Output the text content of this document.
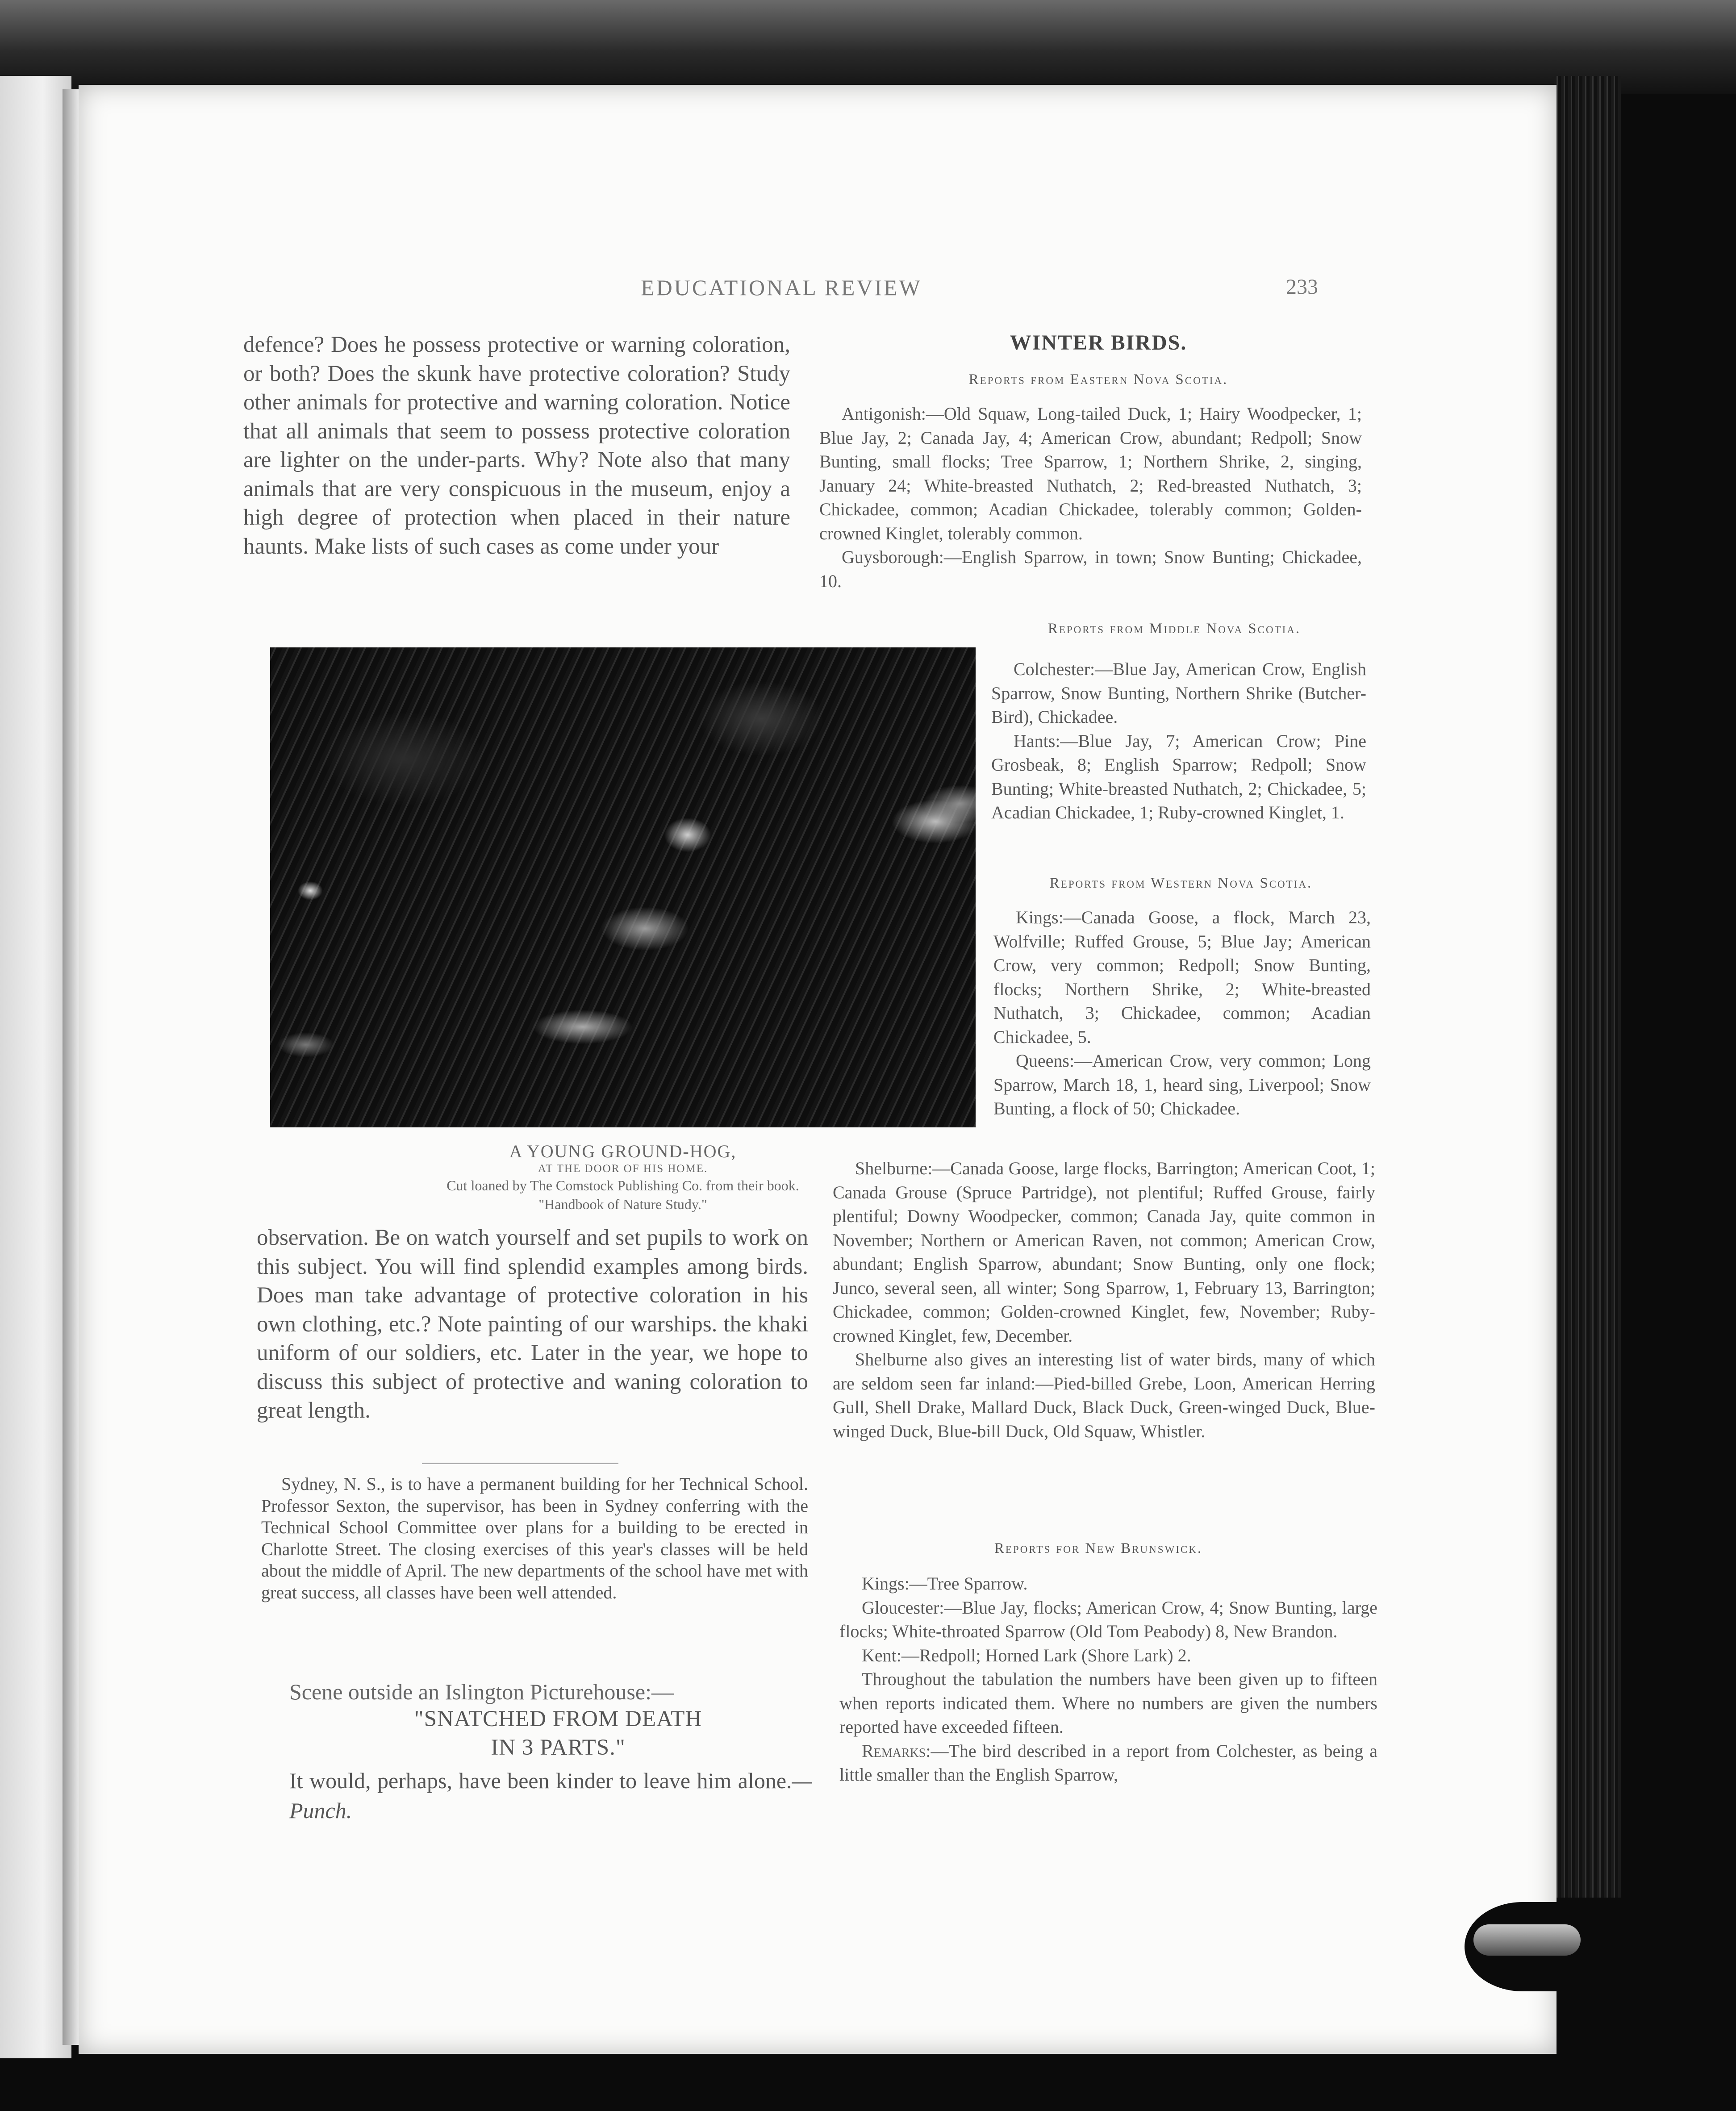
EDUCATIONAL REVIEW	233

defence? Does he possess protective or warning coloration, or both? Does the skunk have protective coloration? Study other animals for protective and warning coloration. Notice that all animals that seem to possess protective coloration are lighter on the under-parts. Why? Note also that many animals that are very conspicuous in the museum, enjoy a high degree of protection when placed in their nature haunts. Make lists of such cases as come under your

A YOUNG GROUND-HOG,
AT THE DOOR OF HIS HOME.
Cut loaned by The Comstock Publishing Co. from their book.
"Handbook of Nature Study."

observation. Be on watch yourself and set pupils to work on this subject. You will find splendid examples among birds. Does man take advantage of protective coloration in his own clothing, etc.? Note painting of our warships. the khaki uniform of our soldiers, etc. Later in the year, we hope to discuss this subject of protective and waning coloration to great length.

Sydney, N. S., is to have a permanent building for her Technical School. Professor Sexton, the supervisor, has been in Sydney conferring with the Technical School Committee over plans for a building to be erected in Charlotte Street. The closing exercises of this year's classes will be held about the middle of April. The new departments of the school have met with great success, all classes have been well attended.

Scene outside an Islington Picturehouse:—
"SNATCHED FROM DEATH
IN 3 PARTS."

It would, perhaps, have been kinder to leave him alone.—Punch.

WINTER BIRDS.
Reports from Eastern Nova Scotia.

Antigonish:—Old Squaw, Long-tailed Duck, 1; Hairy Woodpecker, 1; Blue Jay, 2; Canada Jay, 4; American Crow, abundant; Redpoll; Snow Bunting, small flocks; Tree Sparrow, 1; Northern Shrike, 2, singing, January 24; White-breasted Nuthatch, 2; Red-breasted Nuthatch, 3; Chickadee, common; Acadian Chickadee, tolerably common; Golden-crowned Kinglet, tolerably common.

Guysborough:—English Sparrow, in town; Snow Bunting; Chickadee, 10.

Reports from Middle Nova Scotia.

Colchester:—Blue Jay, American Crow, English Sparrow, Snow Bunting, Northern Shrike (Butcher-Bird), Chickadee.

Hants:—Blue Jay, 7; American Crow; Pine Grosbeak, 8; English Sparrow; Redpoll; Snow Bunting; White-breasted Nuthatch, 2; Chickadee, 5; Acadian Chickadee, 1; Ruby-crowned Kinglet, 1.

Reports from Western Nova Scotia.

Kings:—Canada Goose, a flock, March 23, Wolfville; Ruffed Grouse, 5; Blue Jay; American Crow, very common; Redpoll; Snow Bunting, flocks; Northern Shrike, 2; White-breasted Nuthatch, 3; Chickadee, common; Acadian Chickadee, 5.

Queens:—American Crow, very common; Long Sparrow, March 18, 1, heard sing, Liverpool; Snow Bunting, a flock of 50; Chickadee.

Shelburne:—Canada Goose, large flocks, Barrington; American Coot, 1; Canada Grouse (Spruce Partridge), not plentiful; Ruffed Grouse, fairly plentiful; Downy Woodpecker, common; Canada Jay, quite common in November; Northern or American Raven, not common; American Crow, abundant; English Sparrow, abundant; Snow Bunting, only one flock; Junco, several seen, all winter; Song Sparrow, 1, February 13, Barrington; Chickadee, common; Golden-crowned Kinglet, few, November; Ruby-crowned Kinglet, few, December.

Shelburne also gives an interesting list of water birds, many of which are seldom seen far inland:—Pied-billed Grebe, Loon, American Herring Gull, Shell Drake, Mallard Duck, Black Duck, Green-winged Duck, Blue-winged Duck, Blue-bill Duck, Old Squaw, Whistler.

Reports for New Brunswick.

Kings:—Tree Sparrow.

Gloucester:—Blue Jay, flocks; American Crow, 4; Snow Bunting, large flocks; White-throated Sparrow (Old Tom Peabody) 8, New Brandon.

Kent:—Redpoll; Horned Lark (Shore Lark) 2.

Throughout the tabulation the numbers have been given up to fifteen when reports indicated them. Where no numbers are given the numbers reported have exceeded fifteen.

Remarks:—The bird described in a report from Colchester, as being a little smaller than the English Sparrow,
